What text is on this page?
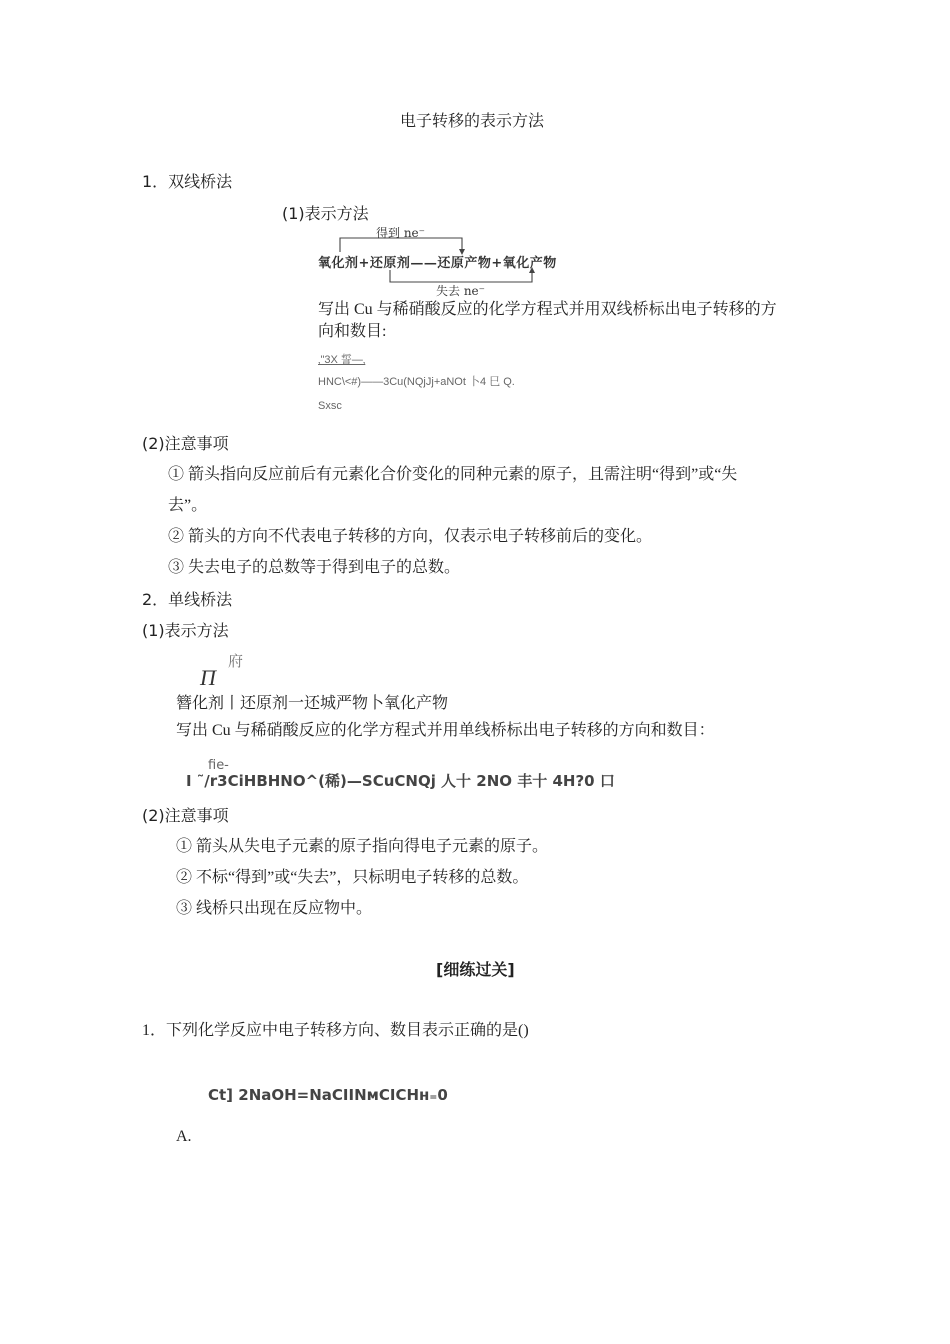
电子转移的表示方法
1．双线桥法
(1)表示方法
得到 ne⁻
氧化剂+还原剂——还原产物+氧化产物
失去 ne⁻
写出 Cu 与稀硝酸反应的化学方程式并用双线桥标出电子转移的方
向和数目:
‚"3X 誓—‚
HNC\<#)——3Cu(NQjJj+aNOt 卜4 巳 Q.
Sxsc
(2)注意事项
① 箭头指向反应前后有元素化合价变化的同种元素的原子，且需注明“得到”或“失
去”。
② 箭头的方向不代表电子转移的方向，仅表示电子转移前后的变化。
③ 失去电子的总数等于得到电子的总数。
2．单线桥法
(1)表示方法
Π
府
簪化剂丨还原剂一还城严物卜氧化产物
写出 Cu 与稀硝酸反应的化学方程式并用单线桥标出电子转移的方向和数目：
fie-
I ˜/r3CiHBHNO^(稀)—SCuCNQj 人十 2NO 丰十 4H?0 口
(2)注意事项
① 箭头从失电子元素的原子指向得电子元素的原子。
② 不标“得到”或“失去”，只标明电子转移的总数。
③ 线桥只出现在反应物中。
[细练过关]
1．下列化学反应中电子转移方向、数目表示正确的是()
Ct] 2NaOH=NaCIINмCICHн₌0
A.
